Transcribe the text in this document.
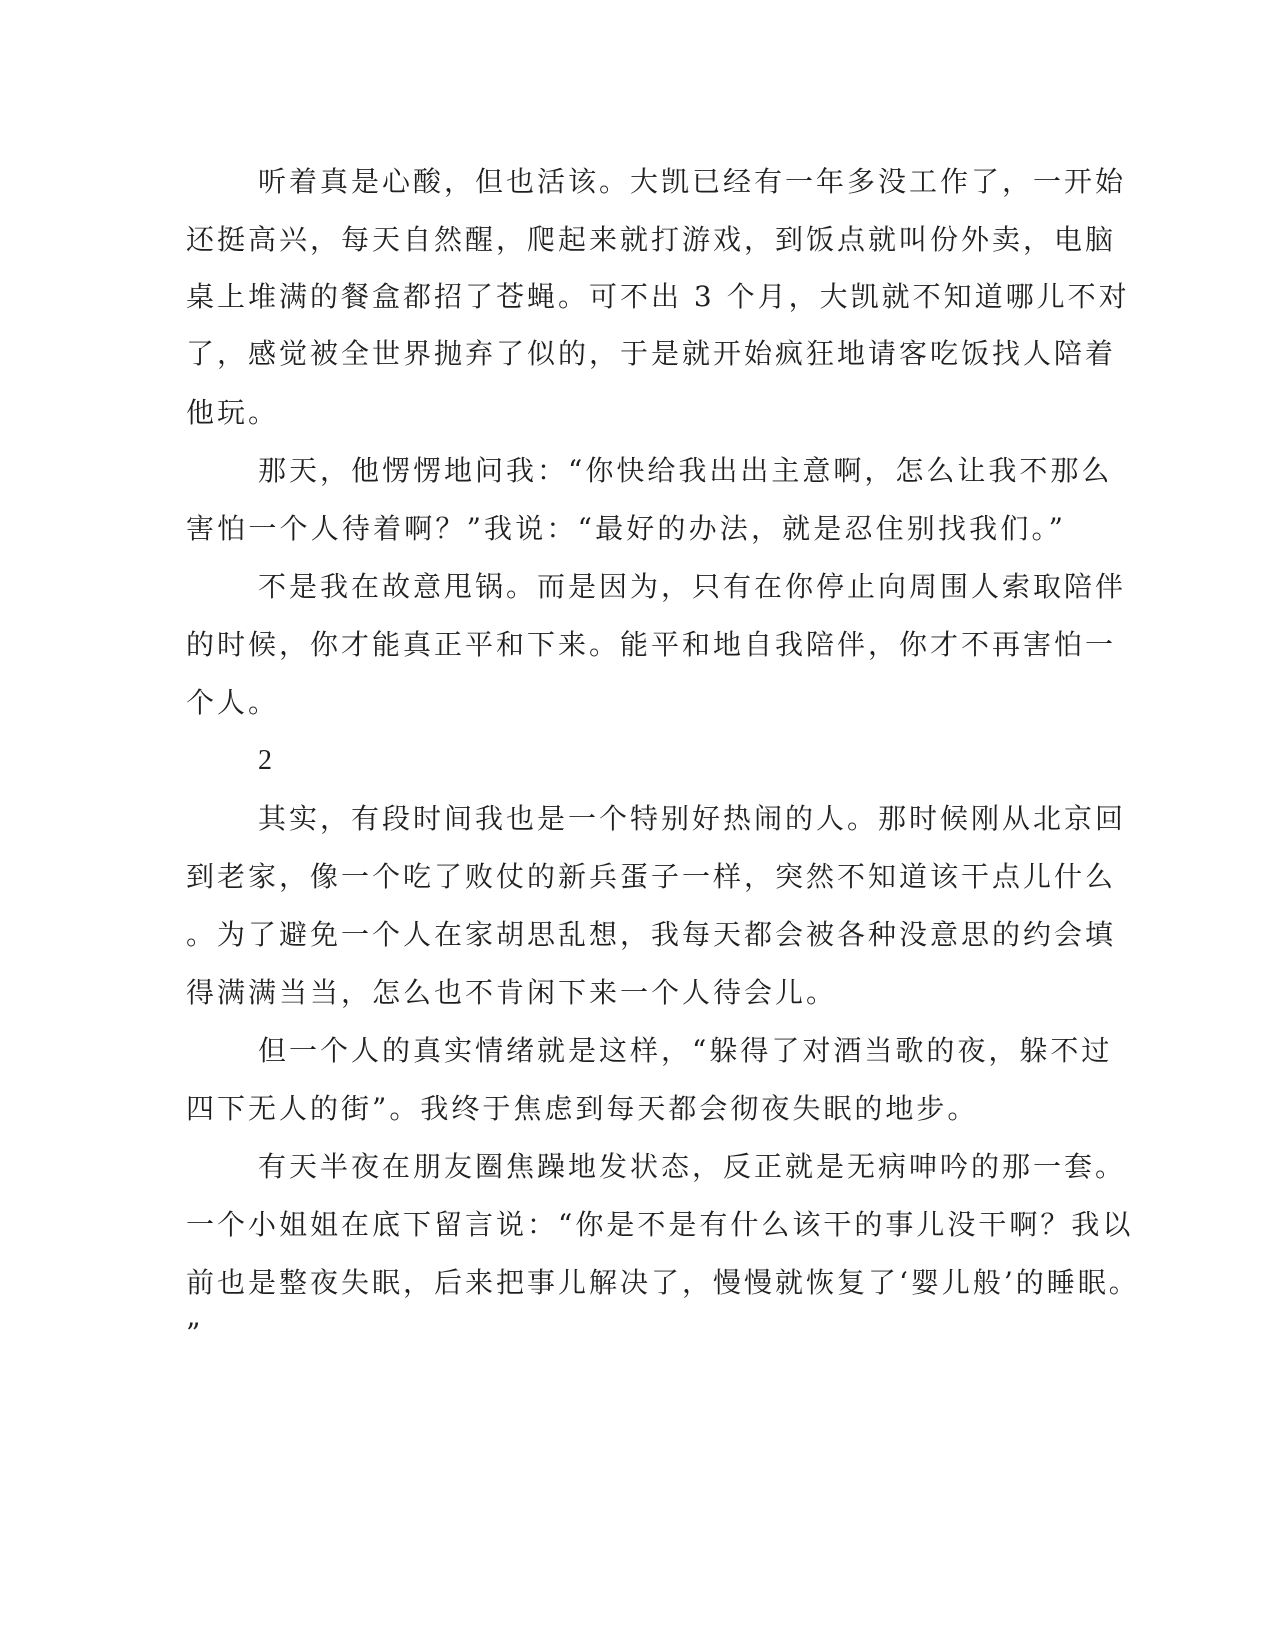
听着真是心酸，但也活该。大凯已经有一年多没工作了，一开始
还挺高兴，每天自然醒，爬起来就打游戏，到饭点就叫份外卖，电脑
桌上堆满的餐盒都招了苍蝇。可不出 3 个月，大凯就不知道哪儿不对
了，感觉被全世界抛弃了似的，于是就开始疯狂地请客吃饭找人陪着
他玩。
那天，他愣愣地问我：“你快给我出出主意啊，怎么让我不那么
害怕一个人待着啊？”我说：“最好的办法，就是忍住别找我们。”
不是我在故意甩锅。而是因为，只有在你停止向周围人索取陪伴
的时候，你才能真正平和下来。能平和地自我陪伴，你才不再害怕一
个人。
2
其实，有段时间我也是一个特别好热闹的人。那时候刚从北京回
到老家，像一个吃了败仗的新兵蛋子一样，突然不知道该干点儿什么
。为了避免一个人在家胡思乱想，我每天都会被各种没意思的约会填
得满满当当，怎么也不肯闲下来一个人待会儿。
但一个人的真实情绪就是这样，“躲得了对酒当歌的夜，躲不过
四下无人的街”。我终于焦虑到每天都会彻夜失眠的地步。
有天半夜在朋友圈焦躁地发状态，反正就是无病呻吟的那一套。
一个小姐姐在底下留言说：“你是不是有什么该干的事儿没干啊？我以
前也是整夜失眠，后来把事儿解决了，慢慢就恢复了‘婴儿般’的睡眠。
”
